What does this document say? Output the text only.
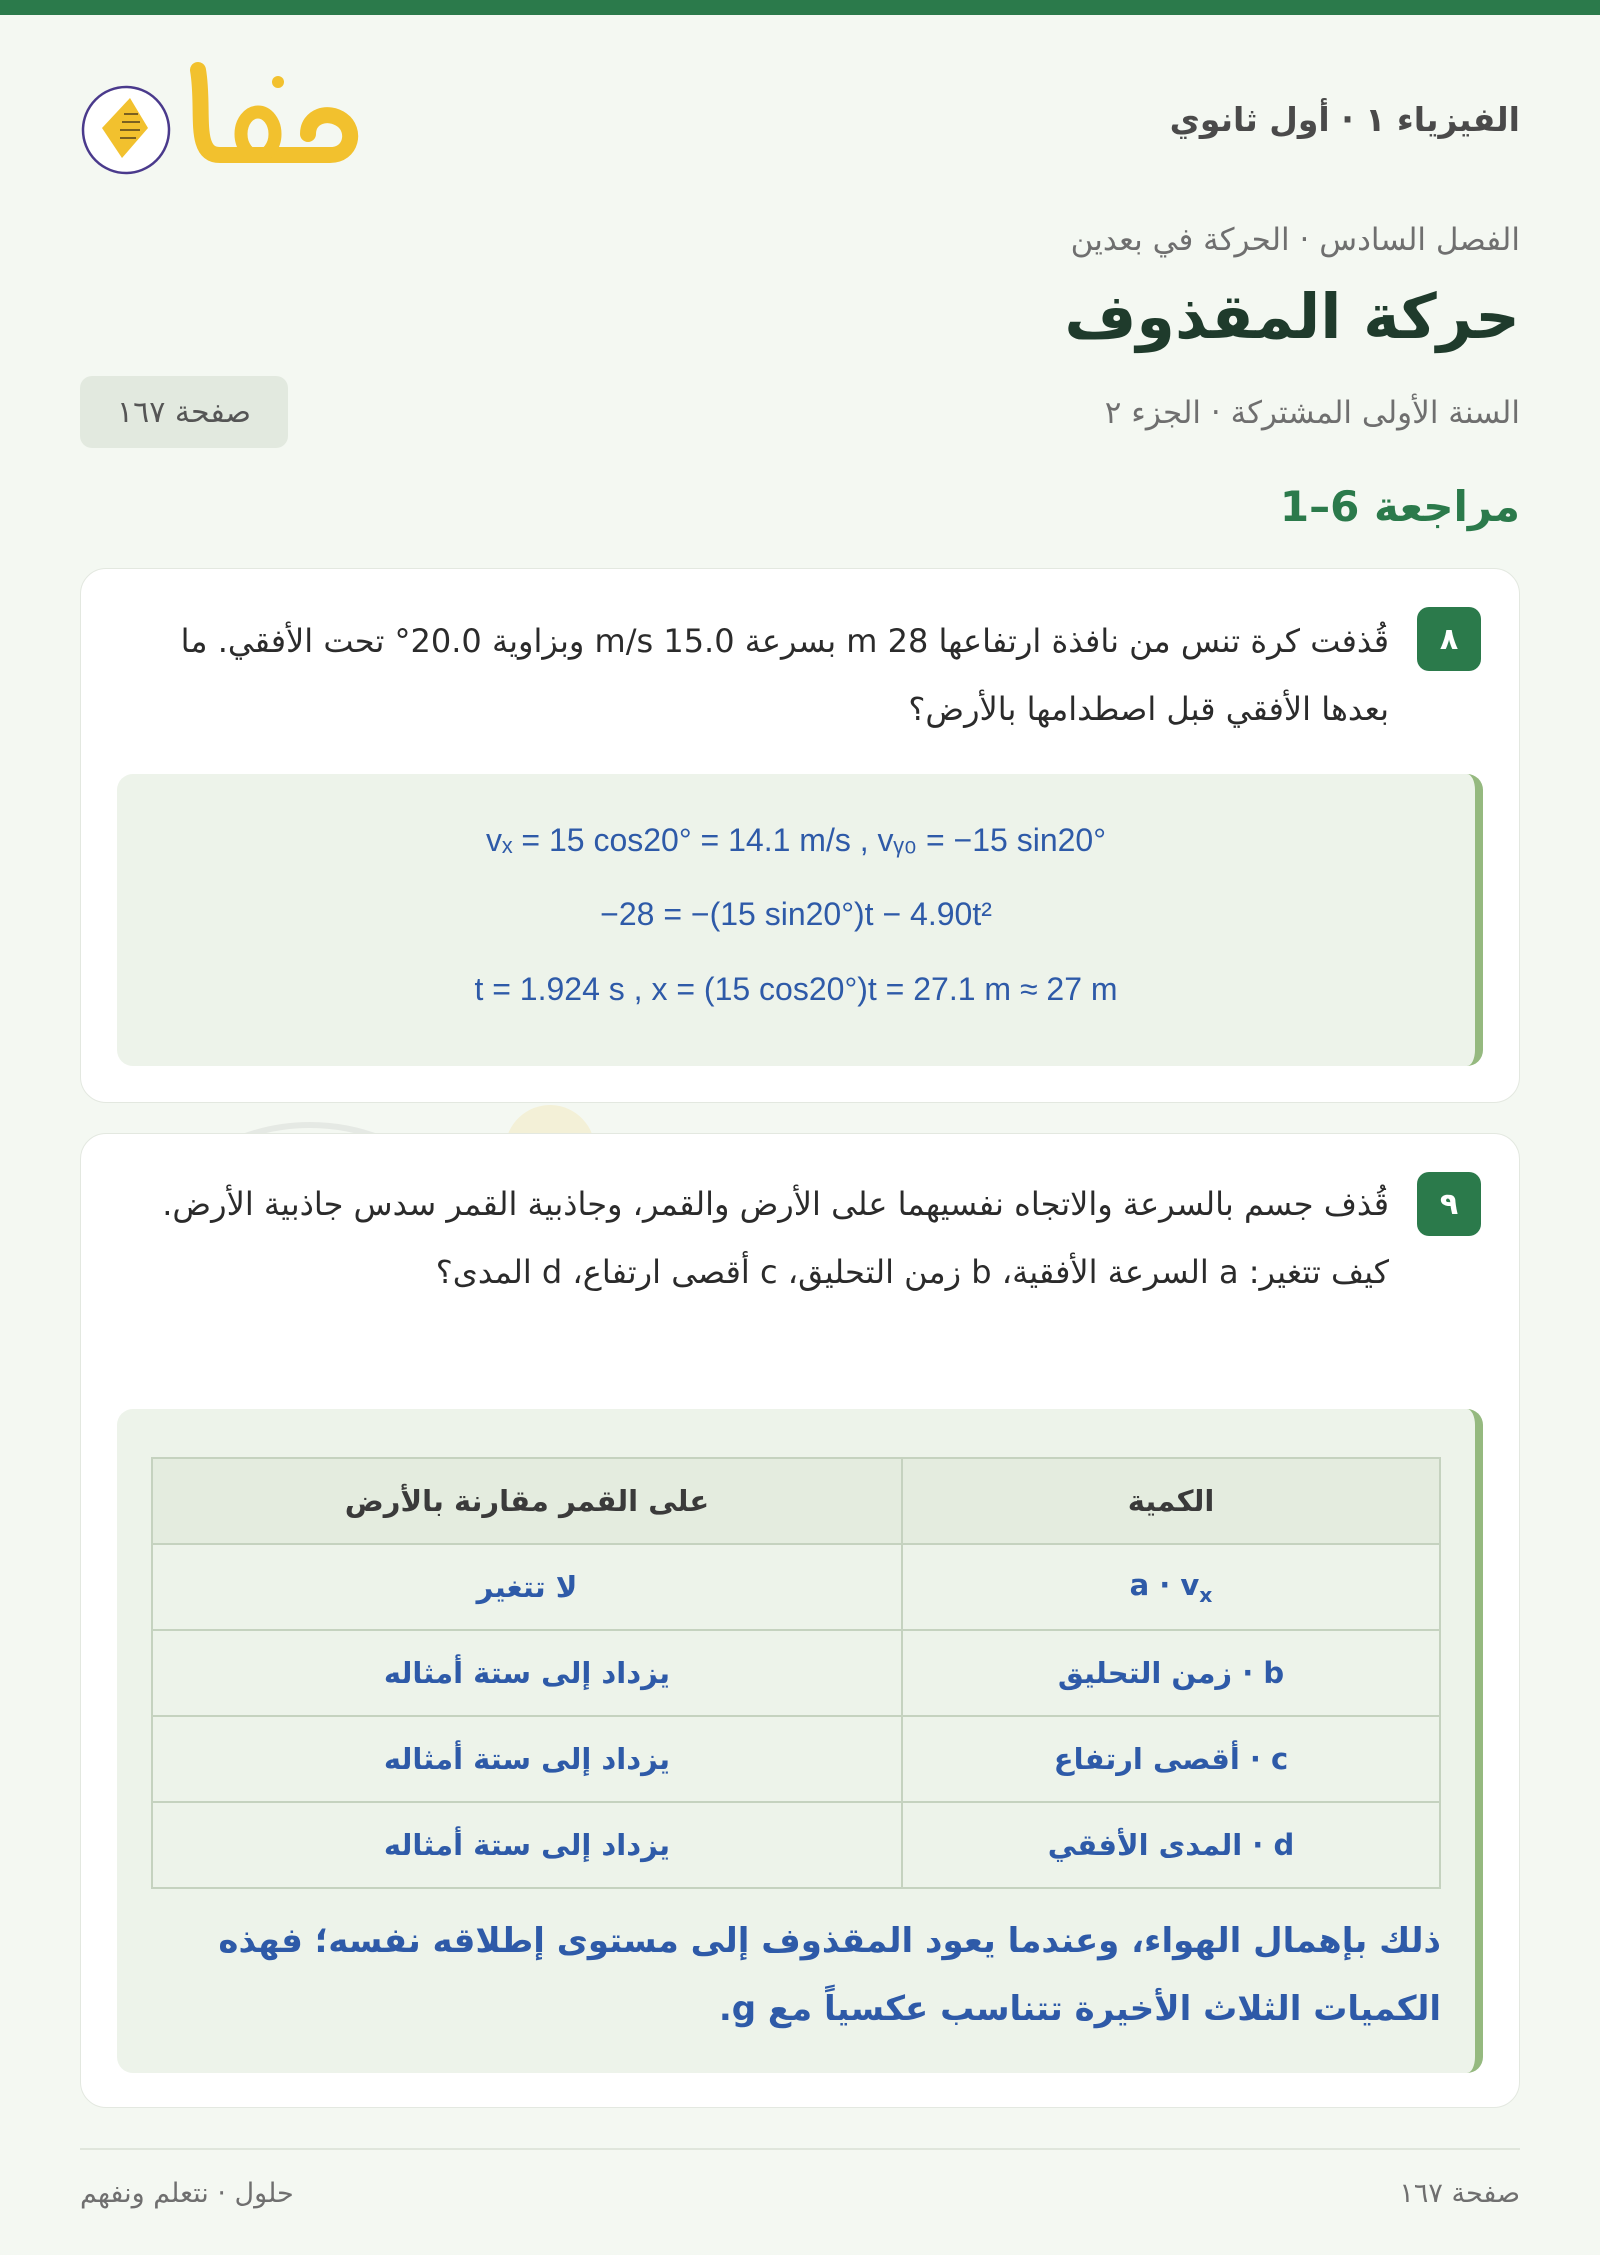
الفيزياء ١ · أول ثانوي
الفصل السادس · الحركة في بعدين
حركة المقذوف
السنة الأولى المشتركة · الجزء ٢
صفحة ١٦٧
مراجعة 6–1
٨
قُذفت كرة تنس من نافذة ارتفاعها 28 m بسرعة 15.0 m/s وبزاوية 20.0° تحت الأفقي. ما بعدها الأفقي قبل اصطدامها بالأرض؟
vₓ = 15 cos20° = 14.1 m/s , vᵧ₀ = −15 sin20°
−28 = −(15 sin20°)t − 4.90t²
t = 1.924 s , x = (15 cos20°)t = 27.1 m ≈ 27 m
٩
قُذف جسم بالسرعة والاتجاه نفسيهما على الأرض والقمر، وجاذبية القمر سدس جاذبية الأرض. كيف تتغير: a السرعة الأفقية، b زمن التحليق، c أقصى ارتفاع، d المدى؟
الكمية	على القمر مقارنة بالأرض
$a \cdot v_x$	لا تتغير
b · زمن التحليق	يزداد إلى ستة أمثاله
c · أقصى ارتفاع	يزداد إلى ستة أمثاله
d · المدى الأفقي	يزداد إلى ستة أمثاله
ذلك بإهمال الهواء، وعندما يعود المقذوف إلى مستوى إطلاقه نفسه؛ فهذه الكميات الثلاث الأخيرة تتناسب عكسياً مع g.
صفحة ١٦٧
حلول · نتعلم ونفهم
